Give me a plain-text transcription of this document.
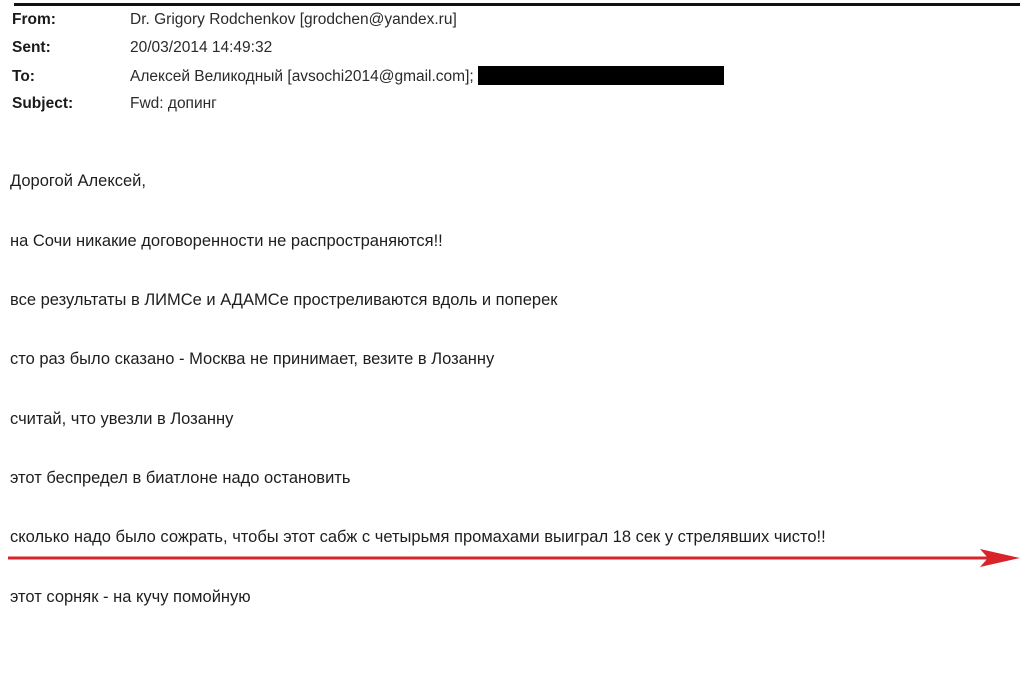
From:	Dr. Grigory Rodchenkov [grodchen@yandex.ru]
Sent:	20/03/2014 14:49:32
To:	Алексей Великодный [avsochi2014@gmail.com];
Subject:	Fwd: допинг
Дорогой Алексей,
на Сочи никакие договоренности не распространяются!!
все результаты в ЛИМСе и АДАМСе простреливаются вдоль и поперек
сто раз было сказано - Москва не принимает, везите в Лозанну
считай, что увезли в Лозанну
этот беспредел в биатлоне надо остановить
сколько надо было сожрать, чтобы этот сабж с четырьмя промахами выиграл 18 сек у стрелявших чисто!!
этот сорняк - на кучу помойную
